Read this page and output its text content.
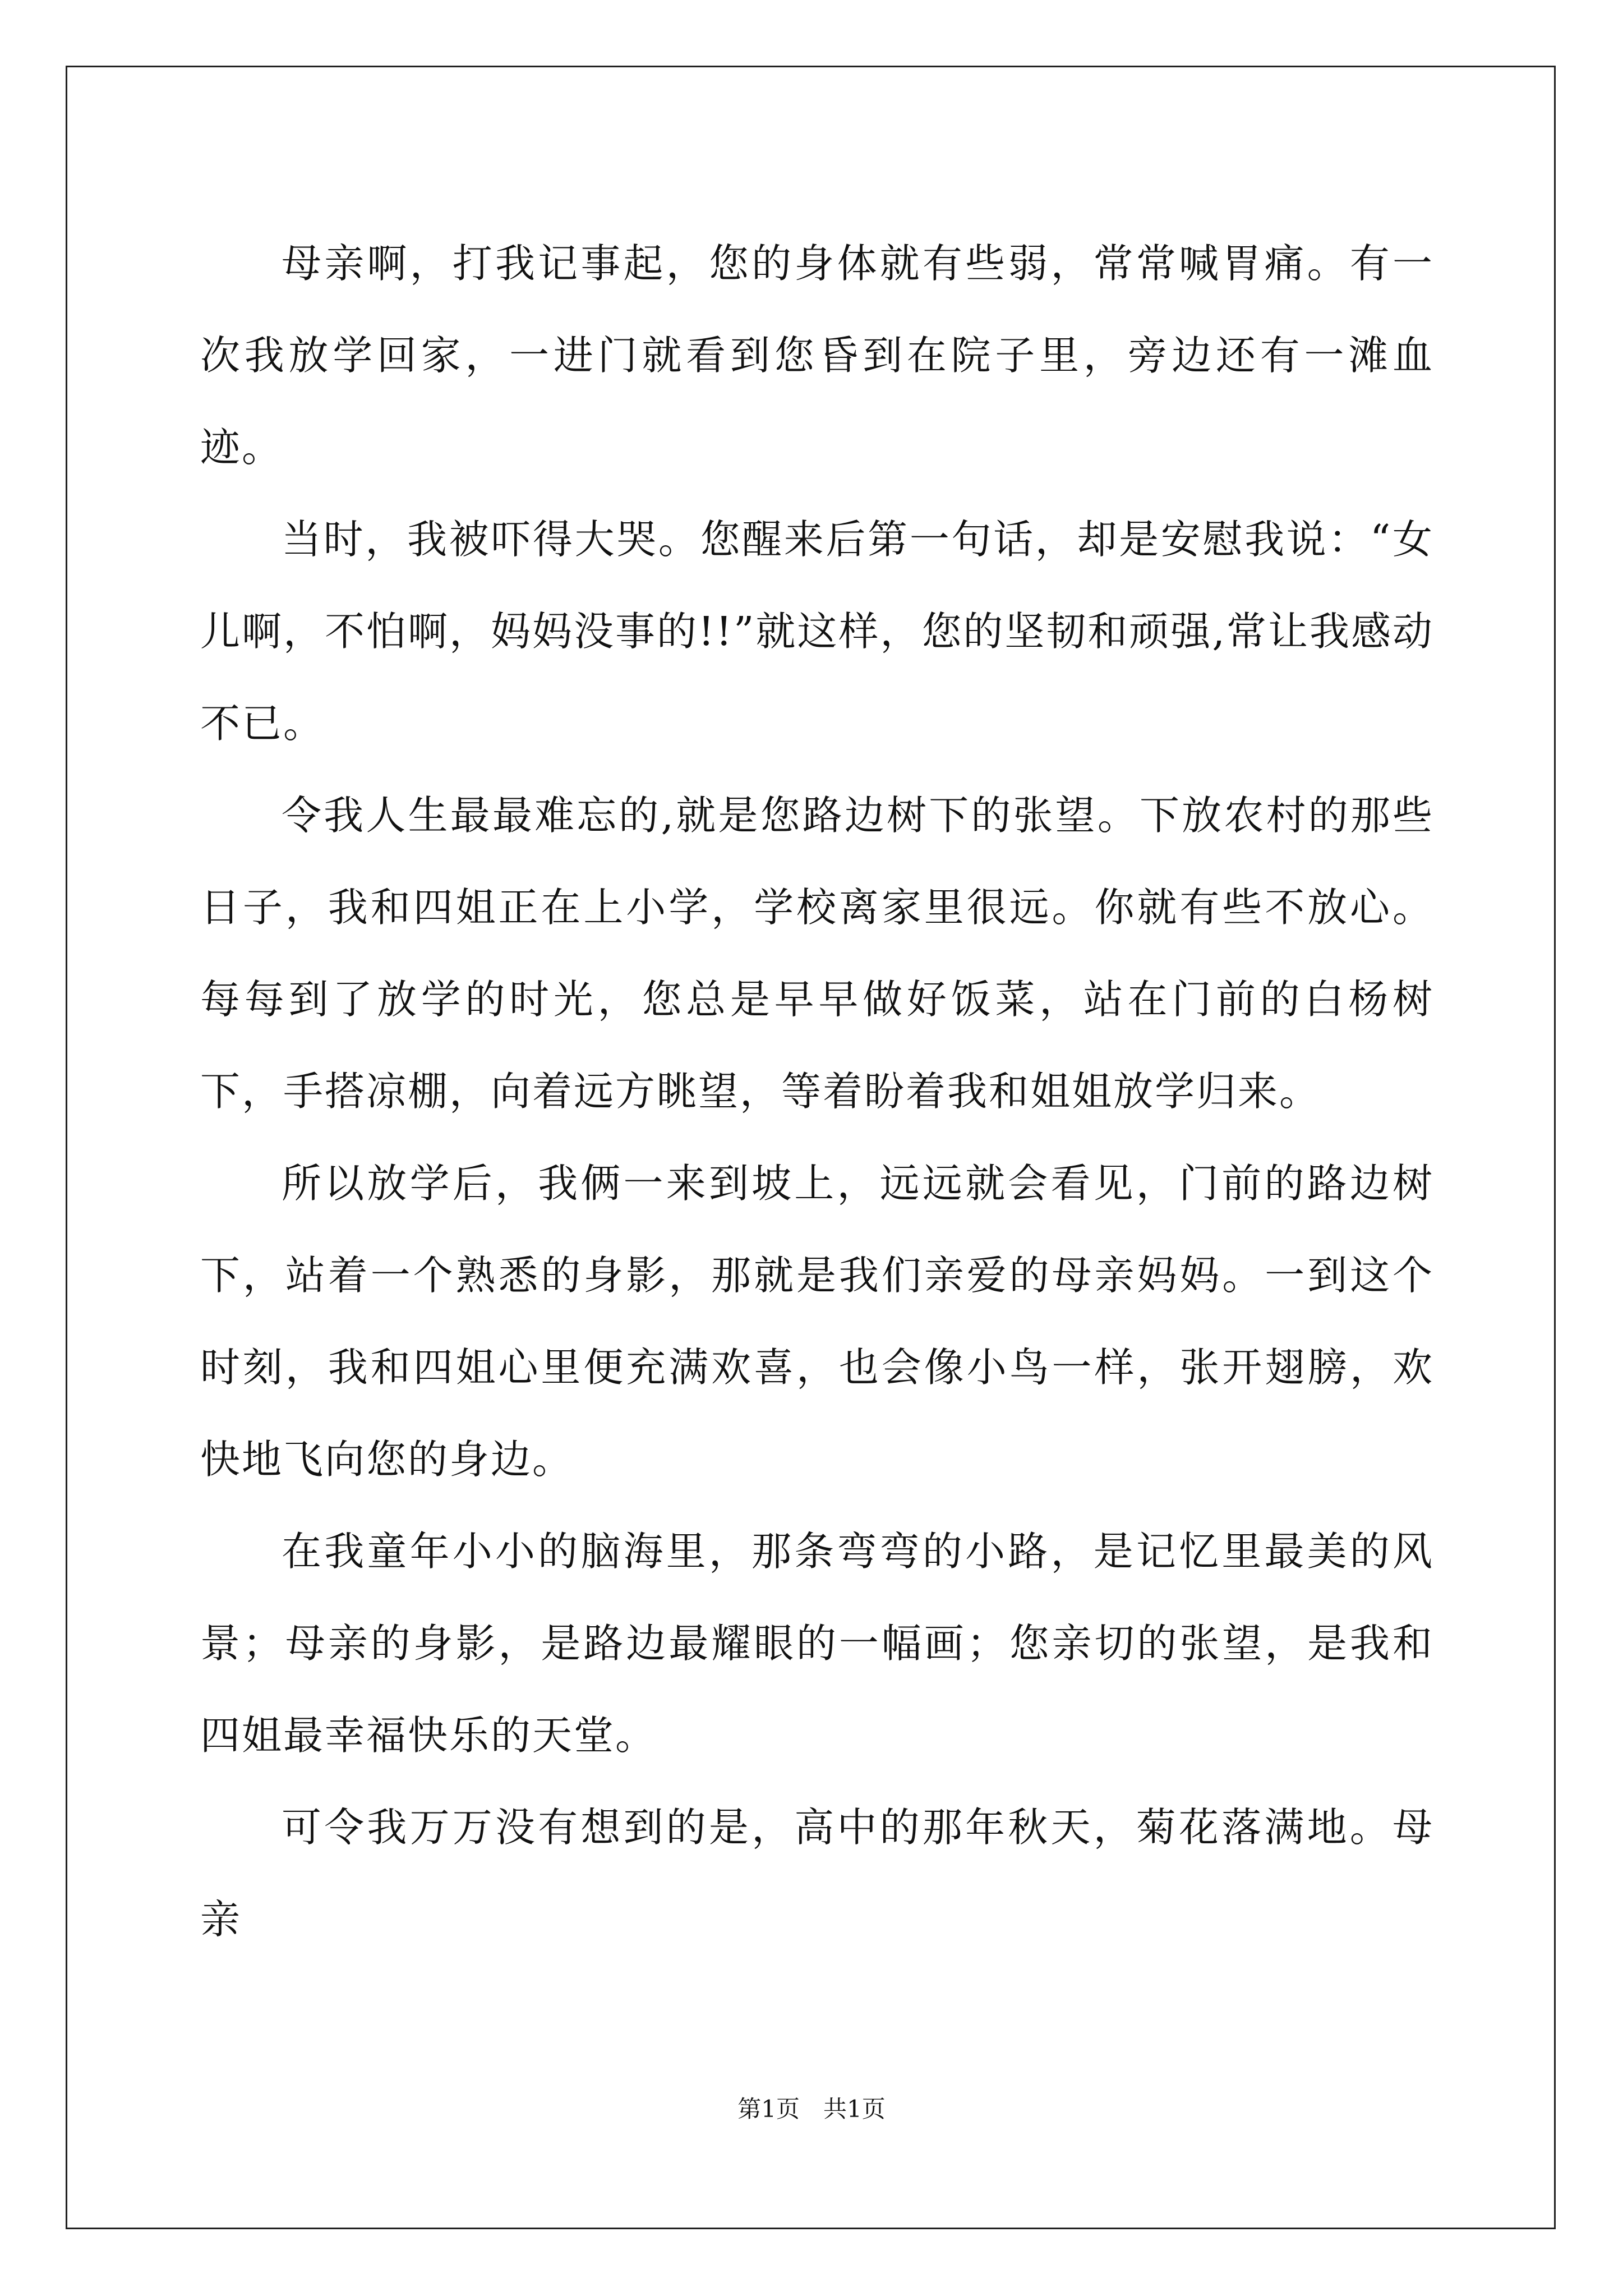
母亲啊，打我记事起，您的身体就有些弱，常常喊胃痛。有一次我放学回家，一进门就看到您昏到在院子里，旁边还有一滩血迹。

当时，我被吓得大哭。您醒来后第一句话，却是安慰我说：“女儿啊，不怕啊，妈妈没事的!!”就这样，您的坚韧和顽强,常让我感动不已。

令我人生最最难忘的,就是您路边树下的张望。下放农村的那些日子，我和四姐正在上小学，学校离家里很远。你就有些不放心。每每到了放学的时光，您总是早早做好饭菜，站在门前的白杨树下，手搭凉棚，向着远方眺望，等着盼着我和姐姐放学归来。

所以放学后，我俩一来到坡上，远远就会看见，门前的路边树下，站着一个熟悉的身影，那就是我们亲爱的母亲妈妈。一到这个时刻，我和四姐心里便充满欢喜，也会像小鸟一样，张开翅膀，欢快地飞向您的身边。

在我童年小小的脑海里，那条弯弯的小路，是记忆里最美的风景；母亲的身影，是路边最耀眼的一幅画；您亲切的张望，是我和四姐最幸福快乐的天堂。

可令我万万没有想到的是，高中的那年秋天，菊花落满地。母亲

第1页　共1页
